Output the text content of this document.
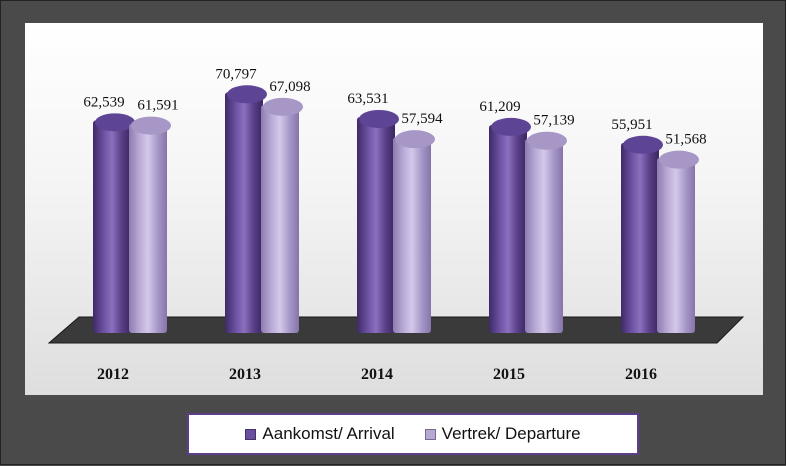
62,539 61,591
2012
70,797
67,098
2013
63,531
57,594
2014
61,209
57,139
2015
55,951
51,568
2016
Aankomst/ Arrival	Vertrek/ Departure
